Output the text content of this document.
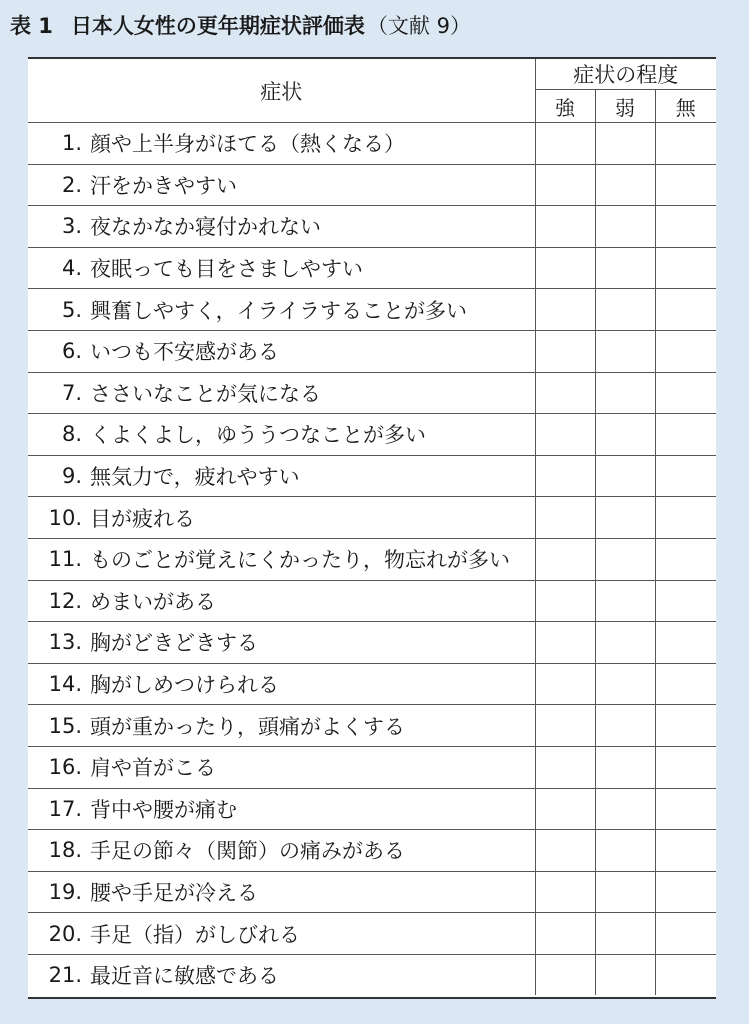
表 1 日本人女性の更年期症状評価表（文献 9）
症状	症状の程度		
	強	弱	無

1. 顔や上半身がほてる（熱くなる）			

2. 汗をかきやすい			

3. 夜なかなか寝付かれない			

4. 夜眠っても目をさましやすい			

5. 興奮しやすく，イライラすることが多い			

6. いつも不安感がある			

7. ささいなことが気になる			

8. くよくよし，ゆううつなことが多い			

9. 無気力で，疲れやすい			

10. 目が疲れる			

11. ものごとが覚えにくかったり，物忘れが多い			

12. めまいがある			

13. 胸がどきどきする			

14. 胸がしめつけられる			

15. 頭が重かったり，頭痛がよくする			

16. 肩や首がこる			

17. 背中や腰が痛む			

18. 手足の節々（関節）の痛みがある			

19. 腰や手足が冷える			

20. 手足（指）がしびれる			

21. 最近音に敏感である			
